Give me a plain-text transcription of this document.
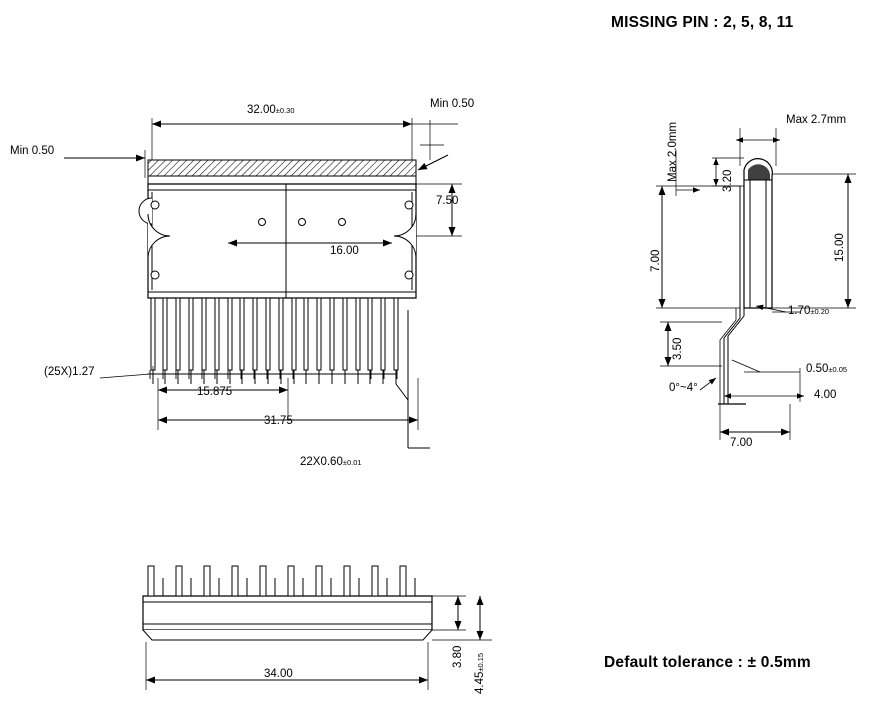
MISSING PIN : 2, 5, 8, 11
Default tolerance : ± 0.5mm
32.00±0.30
Min 0.50
Min 0.50
7.50
16.00
(25X)1.27
15.875
31.75
22X0.60±0.01
Max 2.0mm
Max 2.7mm
3.20
15.00
7.00
1.70±0.20
3.50
0.50±0.05
0°~4°
4.00
7.00
34.00
3.80
4.45±0.15
